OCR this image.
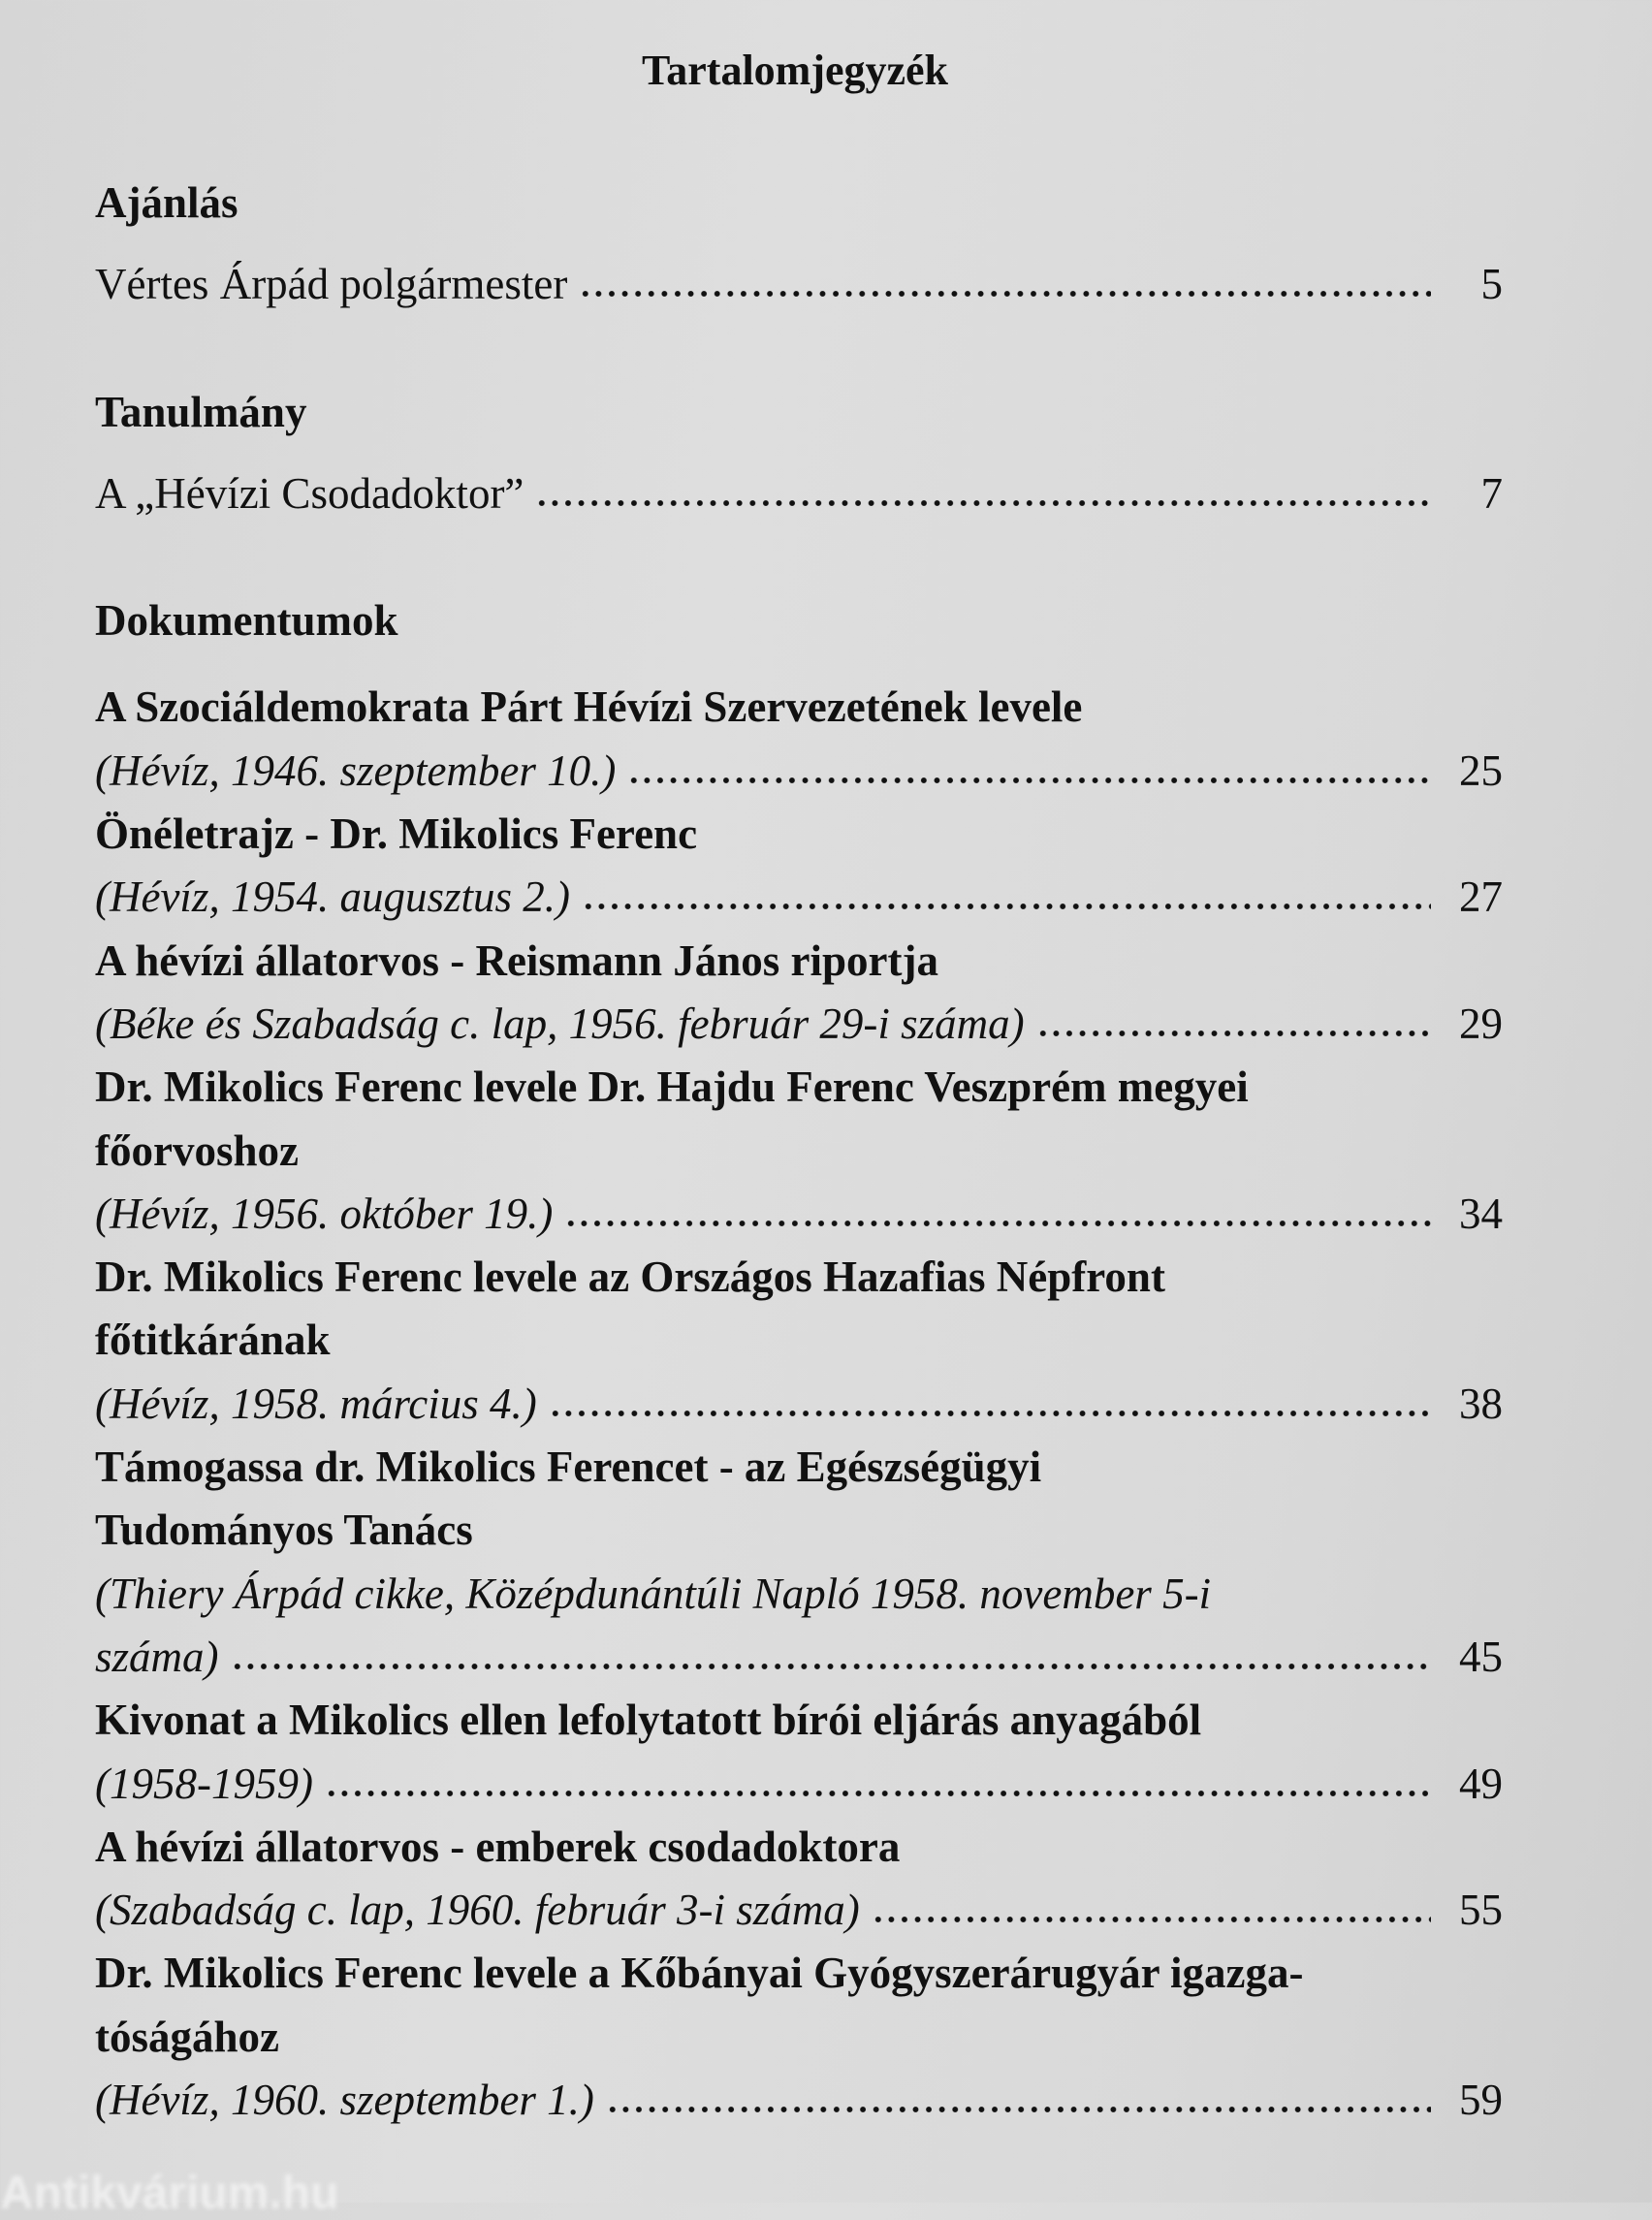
Tartalomjegyzék
Ajánlás
Vértes Árpád polgármester	5
Tanulmány
A „Hévízi Csodadoktor”	7
Dokumentumok
A Szociáldemokrata Párt Hévízi Szervezetének levele
(Hévíz, 1946. szeptember 10.)	25
Önéletrajz - Dr. Mikolics Ferenc
(Hévíz, 1954. augusztus 2.)	27
A hévízi állatorvos - Reismann János riportja
(Béke és Szabadság c. lap, 1956. február 29-i száma)	29
Dr. Mikolics Ferenc levele Dr. Hajdu Ferenc Veszprém megyei
főorvoshoz
(Hévíz, 1956. október 19.)	34
Dr. Mikolics Ferenc levele az Országos Hazafias Népfront
főtitkárának
(Hévíz, 1958. március 4.)	38
Támogassa dr. Mikolics Ferencet - az Egészségügyi
Tudományos Tanács
(Thiery Árpád cikke, Középdunántúli Napló 1958. november 5-i
száma)	45
Kivonat a Mikolics ellen lefolytatott bírói eljárás anyagából
(1958-1959)	49
A hévízi állatorvos - emberek csodadoktora
(Szabadság c. lap, 1960. február 3-i száma)	55
Dr. Mikolics Ferenc levele a Kőbányai Gyógyszerárugyár igazga-
tóságához
(Hévíz, 1960. szeptember 1.)	59
Antikvárium.hu
